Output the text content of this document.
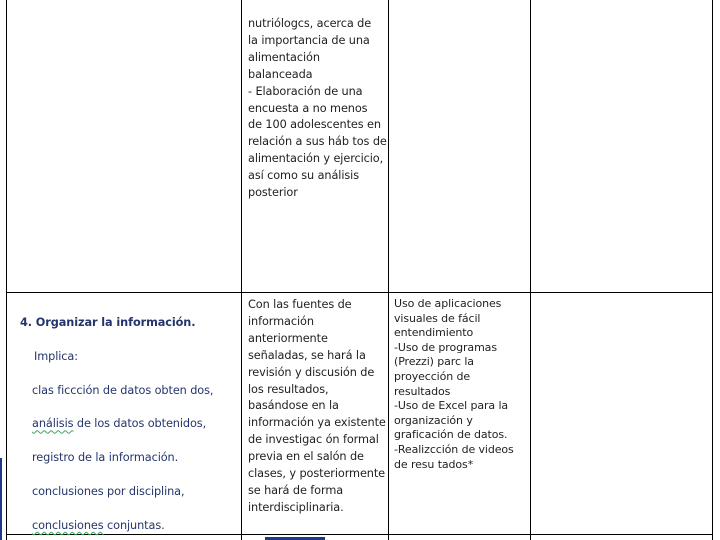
nutriólogcs, acerca de
la importancia de una
alimentación
balanceada
- Elaboración de una
encuesta a no menos
de 100 adolescentes en
relación a sus háb tos de
alimentación y ejercicio,
así como su análisis
posterior

4. Organizar la información.

Implica:

clas ficcción de datos obten dos,

análisis de los datos obtenidos,

registro de la información.

conclusiones por disciplina,

conclusiones conjuntas.

Con las fuentes de
información
anteriormente
señaladas, se hará la
revisión y discusión de
los resultados,
basándose en la
información ya existente
de investigac ón formal
previa en el salón de
clases, y posteriormente
se hará de forma
interdisciplinaria.
Uso de aplicaciones
visuales de fácil
entendimiento
-Uso de programas
(Prezzi) parc la
proyección de
resultados
-Uso de Excel para la
organización y
graficación de datos.
-Realizcción de videos
de resu tados*
